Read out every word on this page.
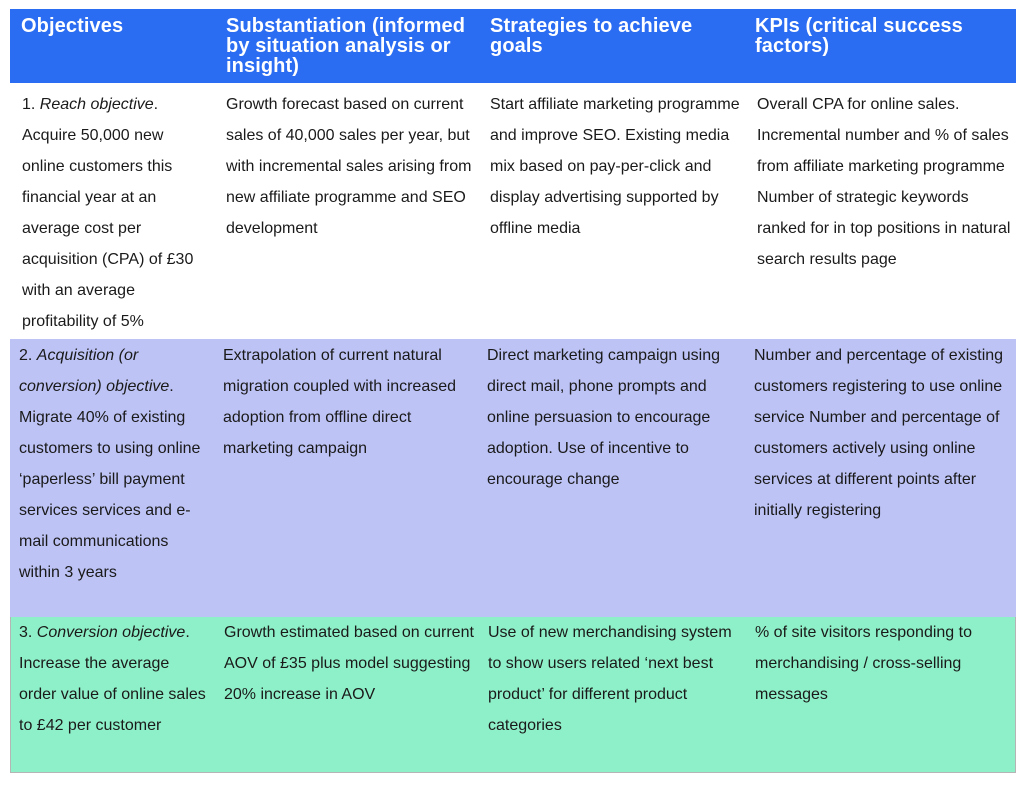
Objectives	Substantiation (informed by situation analysis or insight)
Strategies to achieve goals
KPIs (critical success factors)
1. Reach objective. Acquire 50,000 new online customers this financial year at an average cost per acquisition (CPA) of £30 with an average profitability of 5%
Growth forecast based on current sales of 40,000 sales per year, but with incremental sales arising from new affiliate programme and SEO development
Start affiliate marketing programme and improve SEO. Existing media mix based on pay-per-click and display advertising supported by offline media
Overall CPA for online sales. Incremental number and % of sales from affiliate marketing programme Number of strategic keywords ranked for in top positions in natural search results page
2. Acquisition (or conversion) objective. Migrate 40% of existing customers to using online ‘paperless’ bill payment services services and e-mail communications within 3 years
Extrapolation of current natural migration coupled with increased adoption from offline direct marketing campaign
Direct marketing campaign using direct mail, phone prompts and online persuasion to encourage adoption. Use of incentive to encourage change
Number and percentage of existing customers registering to use online service Number and percentage of customers actively using online services at different points after initially registering
3. Conversion objective. Increase the average order value of online sales to £42 per customer
Growth estimated based on current AOV of £35 plus model suggesting 20% increase in AOV
Use of new merchandising system to show users related ‘next best product’ for different product categories
% of site visitors responding to merchandising / cross-selling messages
